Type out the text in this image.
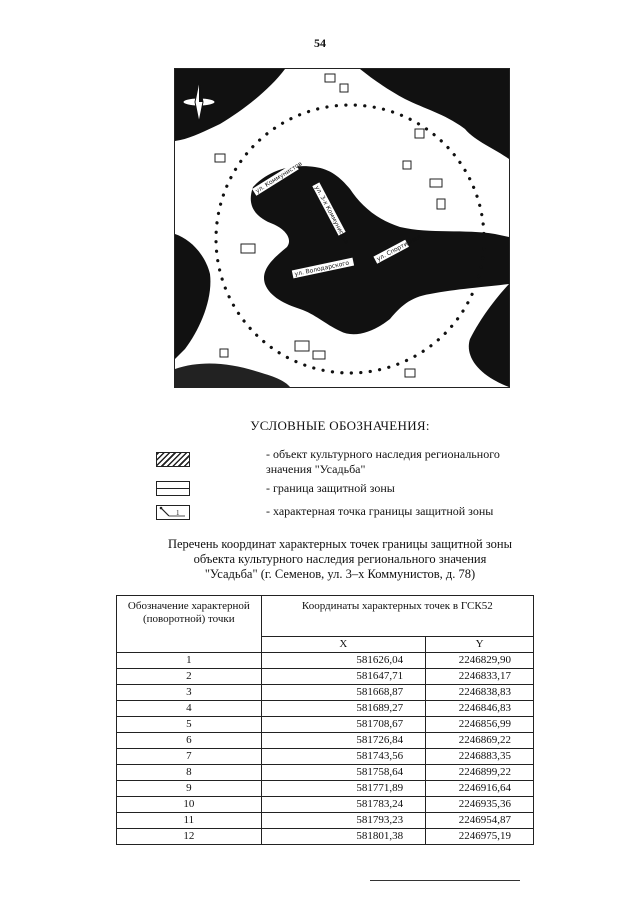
54
ул. Коммунистов
ул. 3-х Коммунистов
ул. Володарского
ул. Спортивная
УСЛОВНЫЕ ОБОЗНАЧЕНИЯ:
- объект культурного наследия регионального значения "Усадьба"
- граница защитной зоны
1	- характерная точка границы защитной зоны
Перечень координат характерных точек границы защитной зоны
объекта культурного наследия регионального значения
"Усадьба" (г. Семенов, ул. 3–х Коммунистов, д. 78)
Обозначение характерной (поворотной) точки	Координаты характерных точек в ГСК52	
	X	Y
1	581626,04	2246829,90
2	581647,71	2246833,17
3	581668,87	2246838,83
4	581689,27	2246846,83
5	581708,67	2246856,99
6	581726,84	2246869,22
7	581743,56	2246883,35
8	581758,64	2246899,22
9	581771,89	2246916,64
10	581783,24	2246935,36
11	581793,23	2246954,87
12	581801,38	2246975,19
